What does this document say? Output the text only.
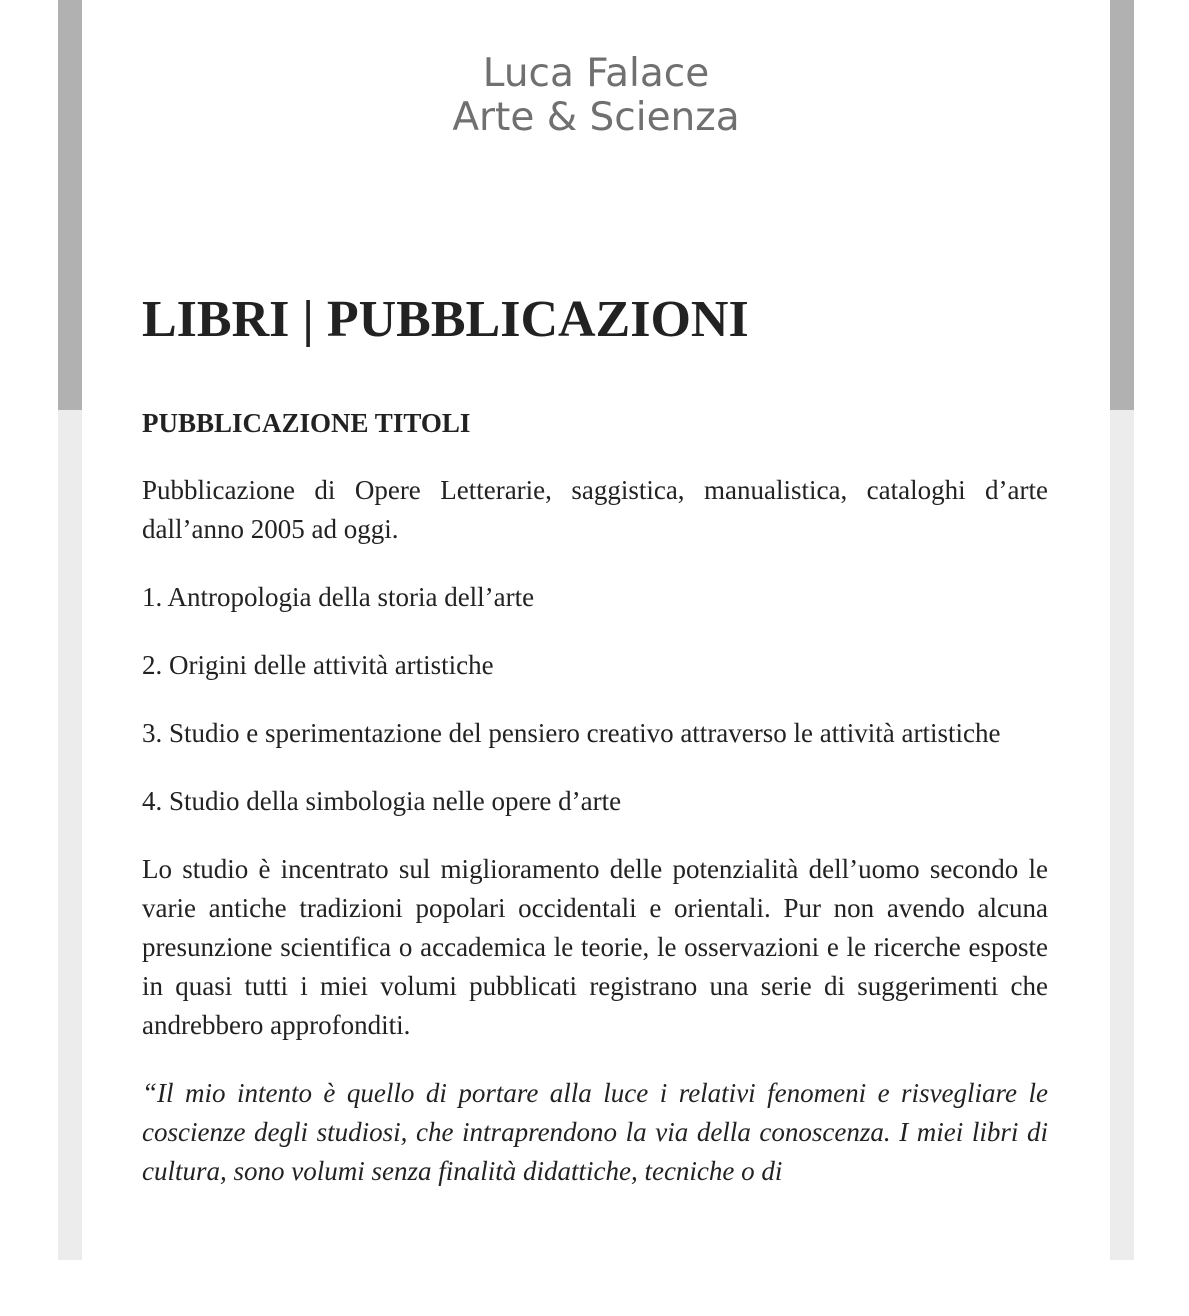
Luca Falace
Arte & Scienza
LIBRI | PUBBLICAZIONI
PUBBLICAZIONE TITOLI

Pubblicazione di Opere Letterarie, saggistica, manualistica, cataloghi d’arte dall’anno 2005 ad oggi.

1. Antropologia della storia dell’arte

2. Origini delle attività artistiche

3. Studio e sperimentazione del pensiero creativo attraverso le attività artistiche

4. Studio della simbologia nelle opere d’arte

Lo studio è incentrato sul miglioramento delle potenzialità dell’uomo secondo le varie antiche tradizioni popolari occidentali e orientali. Pur non avendo alcuna presunzione scientifica o accademica le teorie, le osservazioni e le ricerche esposte in quasi tutti i miei volumi pubblicati registrano una serie di suggerimenti che andrebbero approfonditi.

“Il mio intento è quello di portare alla luce i relativi fenomeni e risvegliare le coscienze degli studiosi, che intraprendono la via della conoscenza. I miei libri di cultura, sono volumi senza finalità didattiche, tecniche o di
